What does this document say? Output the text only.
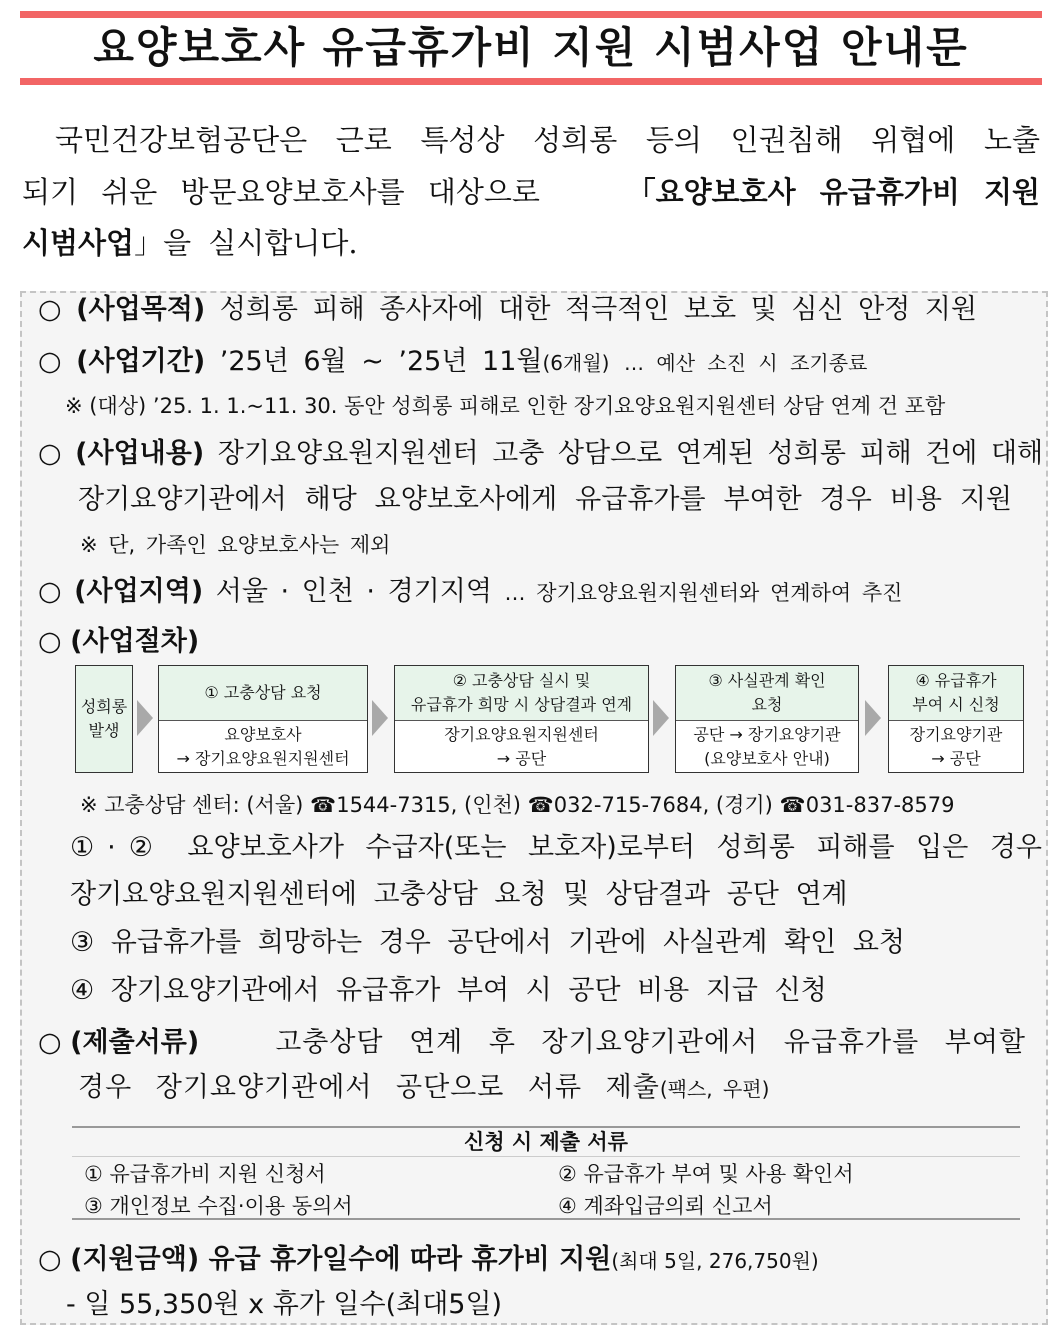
요양보호사 유급휴가비 지원 시범사업 안내문
국민건강보험공단은 근로 특성상 성희롱 등의 인권침해 위협에 노출
되기 쉬운 방문요양보호사를 대상으로	「요양보호사 유급휴가비 지원
시범사업」을 실시합니다.
○ (사업목적) 성희롱 피해 종사자에 대한 적극적인 보호 및 심신 안정 지원
○ (사업기간) ’25년 6월 ~ ’25년 11월(6개월) … 예산 소진 시 조기종료
※ (대상) ’25. 1. 1.~11. 30. 동안 성희롱 피해로 인한 장기요양요원지원센터 상담 연계 건 포함
○ (사업내용) 장기요양요원지원센터 고충 상담으로 연계된 성희롱 피해 건에 대해
장기요양기관에서 해당 요양보호사에게 유급휴가를 부여한 경우 비용 지원
※ 단, 가족인 요양보호사는 제외
○ (사업지역) 서울 · 인천 · 경기지역 … 장기요양요원지원센터와 연계하여 추진
○ (사업절차)
성희롱
발생
① 고충상담 요청
요양보호사
→ 장기요양요원지원센터
② 고충상담 실시 및
유급휴가 희망 시 상담결과 연계
장기요양요원지원센터
→ 공단
③ 사실관계 확인
요청
공단 → 장기요양기관
(요양보호사 안내)
④ 유급휴가
부여 시 신청
장기요양기관
→ 공단
※ 고충상담 센터: (서울) ☎1544-7315, (인천) ☎032-715-7684, (경기) ☎031-837-8579
①·② 요양보호사가 수급자(또는 보호자)로부터 성희롱 피해를 입은 경우
장기요양요원지원센터에 고충상담 요청 및 상담결과 공단 연계
③ 유급휴가를 희망하는 경우 공단에서 기관에 사실관계 확인 요청
④ 장기요양기관에서 유급휴가 부여 시 공단 비용 지급 신청
○ (제출서류)	고충상담 연계 후 장기요양기관에서 유급휴가를 부여할
경우 장기요양기관에서 공단으로 서류 제출(팩스, 우편)
신청 시 제출 서류
① 유급휴가비 지원 신청서	② 유급휴가 부여 및 사용 확인서
③ 개인정보 수집·이용 동의서	④ 계좌입금의뢰 신고서
○ (지원금액) 유급 휴가일수에 따라 휴가비 지원(최대 5일, 276,750원)
- 일 55,350원 x 휴가 일수(최대5일)
